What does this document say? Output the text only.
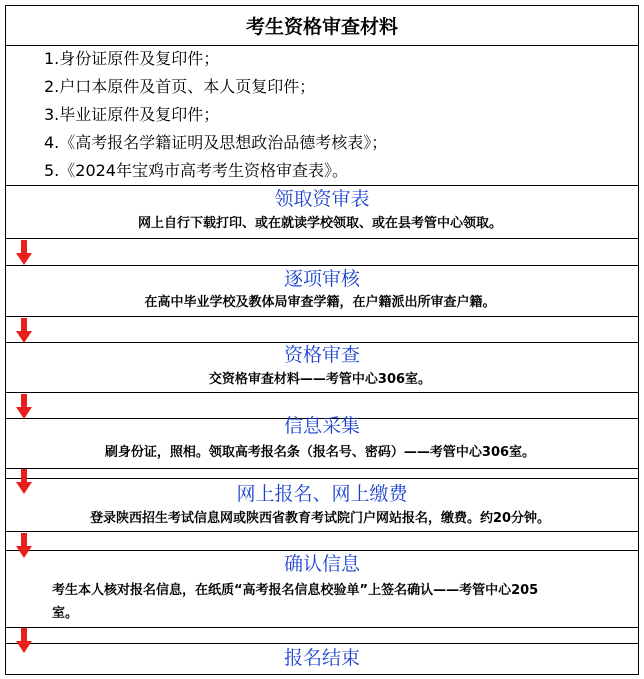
考生资格审查材料
1.身份证原件及复印件；
2.户口本原件及首页、本人页复印件；
3.毕业证原件及复印件；
4.《高考报名学籍证明及思想政治品德考核表》；
5.《2024年宝鸡市高考考生资格审查表》。
领取资审表
网上自行下载打印、或在就读学校领取、或在县考管中心领取。
逐项审核
在高中毕业学校及教体局审查学籍，在户籍派出所审查户籍。
资格审查
交资格审查材料——考管中心306室。
信息采集
刷身份证，照相。领取高考报名条（报名号、密码）——考管中心306室。
网上报名、网上缴费
登录陕西招生考试信息网或陕西省教育考试院门户网站报名，缴费。约20分钟。
确认信息
考生本人核对报名信息，在纸质“高考报名信息校验单”上签名确认——考管中心205
室。
报名结束
